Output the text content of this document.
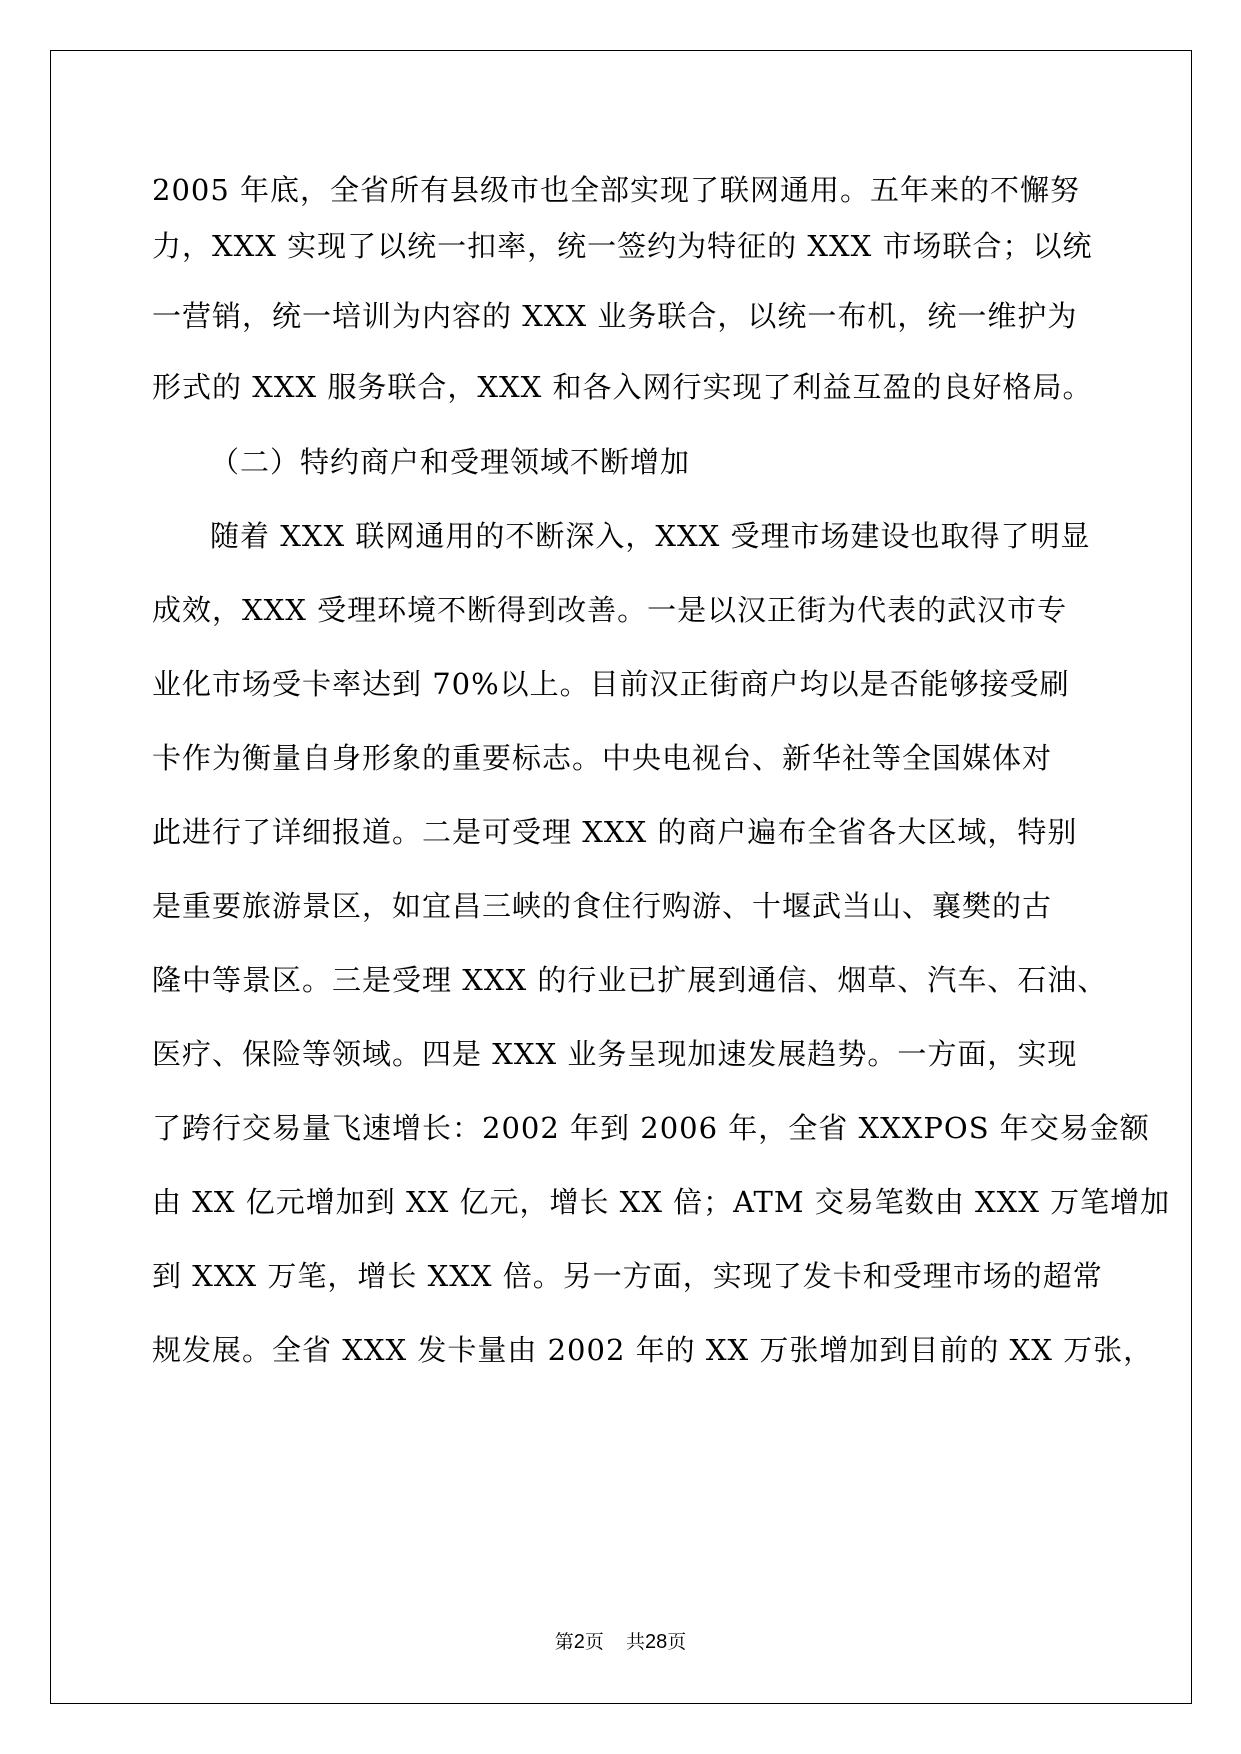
2005 年底，全省所有县级市也全部实现了联网通用。五年来的不懈努

力，XXX 实现了以统一扣率，统一签约为特征的 XXX 市场联合；以统

一营销，统一培训为内容的 XXX 业务联合，以统一布机，统一维护为

形式的 XXX 服务联合，XXX 和各入网行实现了利益互盈的良好格局。

（二）特约商户和受理领域不断增加

随着 XXX 联网通用的不断深入，XXX 受理市场建设也取得了明显

成效，XXX 受理环境不断得到改善。一是以汉正街为代表的武汉市专

业化市场受卡率达到 70%以上。目前汉正街商户均以是否能够接受刷

卡作为衡量自身形象的重要标志。中央电视台、新华社等全国媒体对

此进行了详细报道。二是可受理 XXX 的商户遍布全省各大区域，特别

是重要旅游景区，如宜昌三峡的食住行购游、十堰武当山、襄樊的古

隆中等景区。三是受理 XXX 的行业已扩展到通信、烟草、汽车、石油、

医疗、保险等领域。四是 XXX 业务呈现加速发展趋势。一方面，实现

了跨行交易量飞速增长：2002 年到 2006 年，全省 XXXPOS 年交易金额

由 XX 亿元增加到 XX 亿元，增长 XX 倍；ATM 交易笔数由 XXX 万笔增加

到 XXX 万笔，增长 XXX 倍。另一方面，实现了发卡和受理市场的超常

规发展。全省 XXX 发卡量由 2002 年的 XX 万张增加到目前的 XX 万张，

第2页 共28页
